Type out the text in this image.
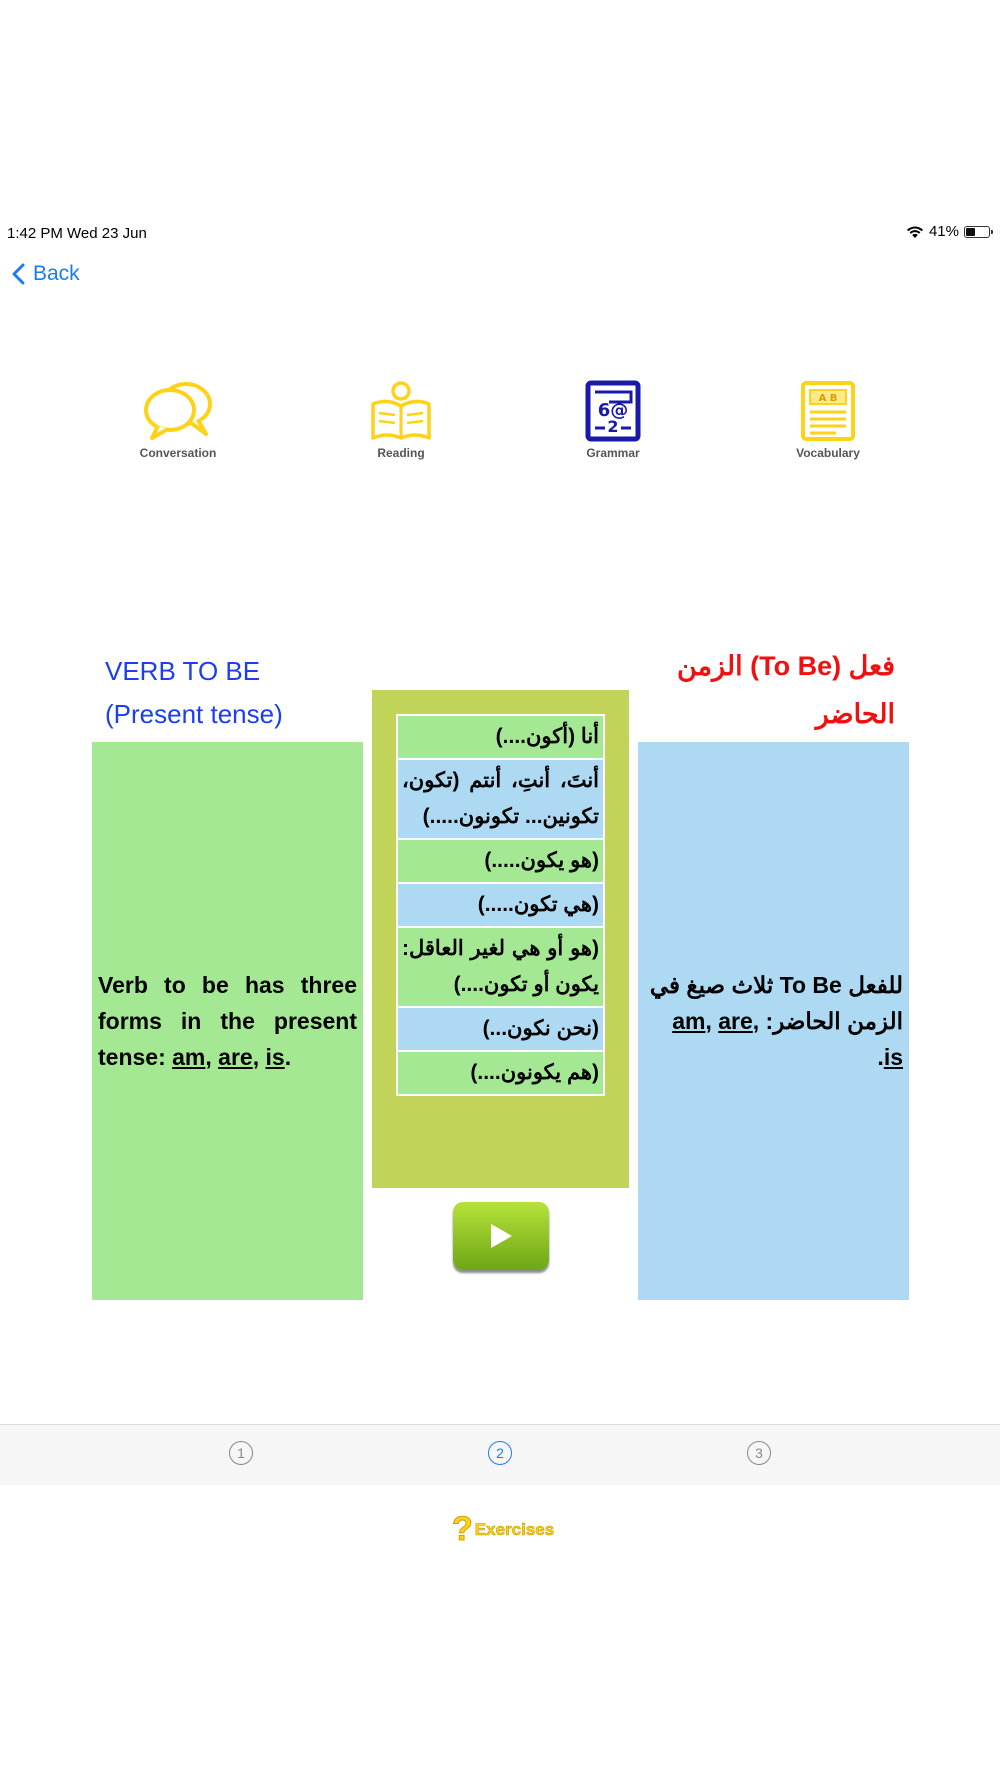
1:42 PM Wed 23 Jun	41%
Back
Conversation	Reading
6@
2
Grammar
A B
Vocabulary
VERB TO BE
(Present tense)
فعل (To Be) الزمن
الحاضر

Verb to be has three forms in the present tense: am, are, is.

أنا (أكون....)
أنتَ، أنتِ، أنتم (تكون، تكونين... تكونون.....)
(هو يكون.....)
(هي تكون.....)
(هو أو هي لغير العاقل: يكون أو تكون....)
(نحن نكون...)
(هم يكونون....)

للفعل To Be ثلاث صيغ في الزمن الحاضر: am, are, is.

1	2	3
? Exercises
